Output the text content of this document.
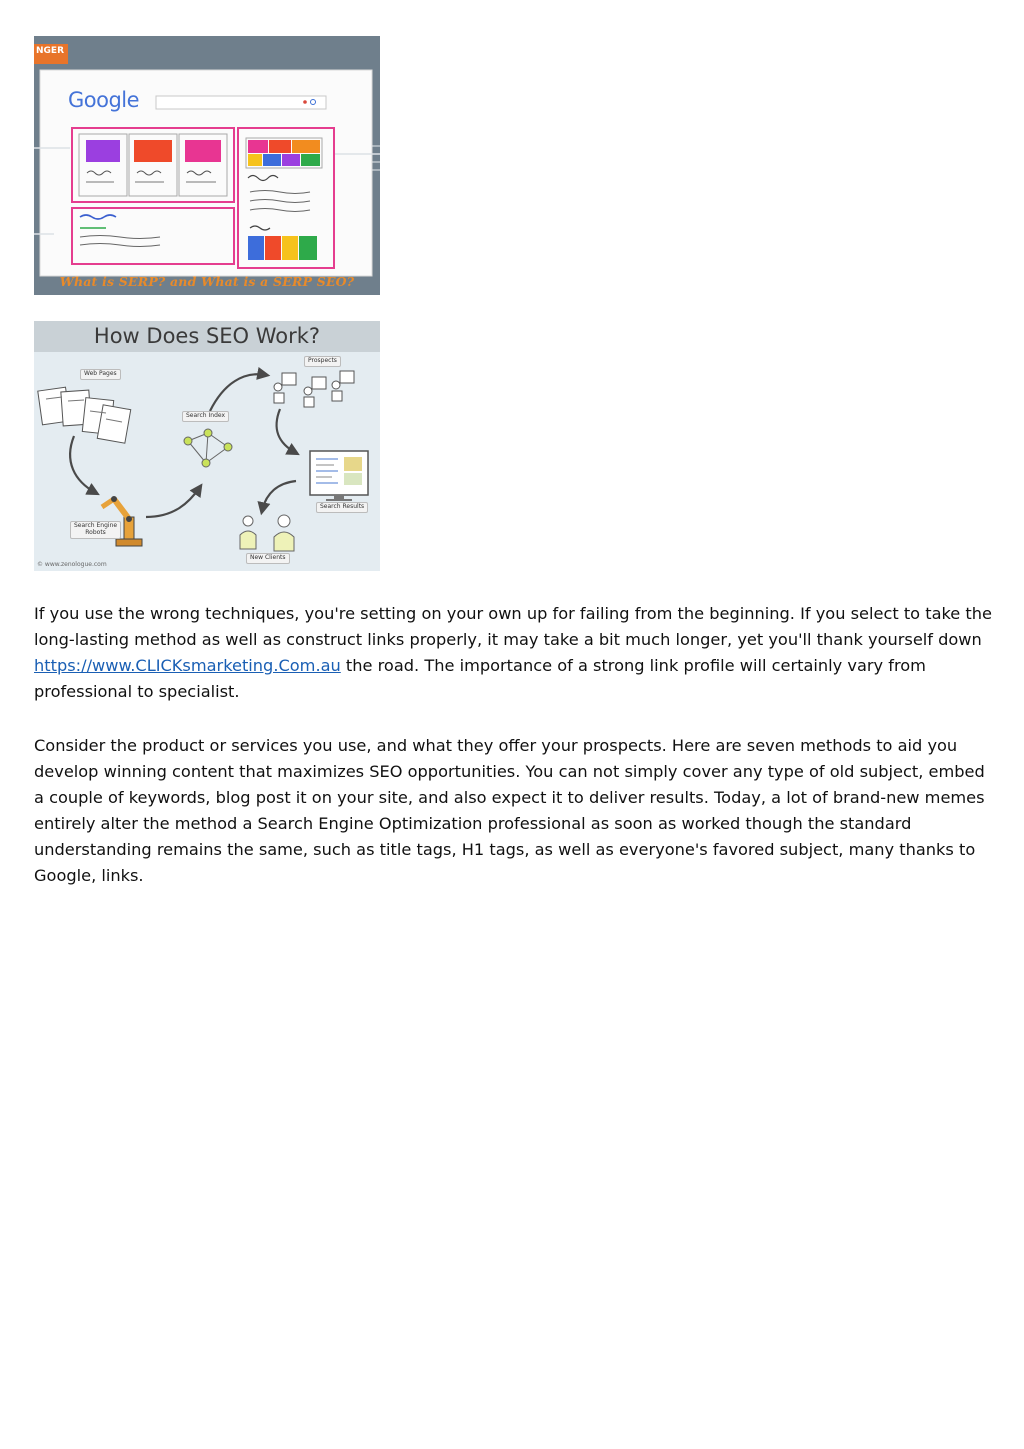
NGER
Google
What is SERP? and What is a SERP SEO?
How Does SEO Work?
Web Pages
Search Index
Prospects
Search Results
Search Engine
Robots
New Clients
© www.zenologue.com

If you use the wrong techniques, you're setting on your own up for failing from the beginning. If you select to take the long-lasting method as well as construct links properly, it may take a bit much longer, yet you'll thank yourself down https://www.CLICKsmarketing.Com.au the road. The importance of a strong link profile will certainly vary from professional to specialist.

Consider the product or services you use, and what they offer your prospects. Here are seven methods to aid you develop winning content that maximizes SEO opportunities. You can not simply cover any type of old subject, embed a couple of keywords, blog post it on your site, and also expect it to deliver results. Today, a lot of brand-new memes entirely alter the method a Search Engine Optimization professional as soon as worked though the standard understanding remains the same, such as title tags, H1 tags, as well as everyone's favored subject, many thanks to Google, links.
